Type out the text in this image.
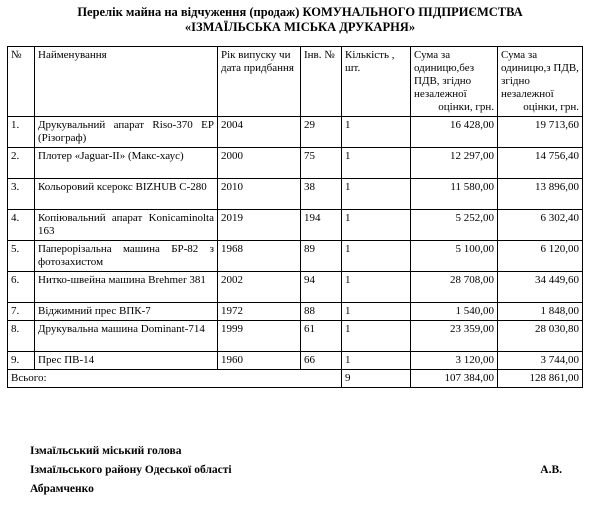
Перелік майна на відчуження (продаж) КОМУНАЛЬНОГО ПІДПРИЄМСТВА
«ІЗМАЇЛЬСЬКА МІСЬКА ДРУКАРНЯ»
№	Найменування	Рік випуску чи дата придбання	Інв. №	Кількість , шт.	Сума за одиницю,без ПДВ, згідно незалежної оцінки, грн.	Сума за одиницю,з ПДВ, згідно незалежної оцінки, грн.
1.	Друкувальний апарат Riso-370 EP (Різограф)	2004	29	1	16 428,00	19 713,60
2.	Плотер «Jaguar-II» (Макс-хаус)	2000	75	1	12 297,00	14 756,40
3.	Кольоровий ксерокс BIZHUB C-280	2010	38	1	11 580,00	13 896,00
4.	Копіювальний апарат Konicaminolta 163	2019	194	1	5 252,00	6 302,40
5.	Паперорізальна машина БР-82 з фотозахистом	1968	89	1	5 100,00	6 120,00
6.	Нитко-швейна машина Brehmer 381	2002	94	1	28 708,00	34 449,60
7.	Віджимний прес ВПК-7	1972	88	1	1 540,00	1 848,00
8.	Друкувальна машина Dominant-714	1999	61	1	23 359,00	28 030,80
9.	Прес ПВ-14	1960	66	1	3 120,00	3 744,00
Всього:				9	107 384,00	128 861,00
Ізмаїльський міський голова
Ізмаїльського району Одеської області	А.В.
Абрамченко
